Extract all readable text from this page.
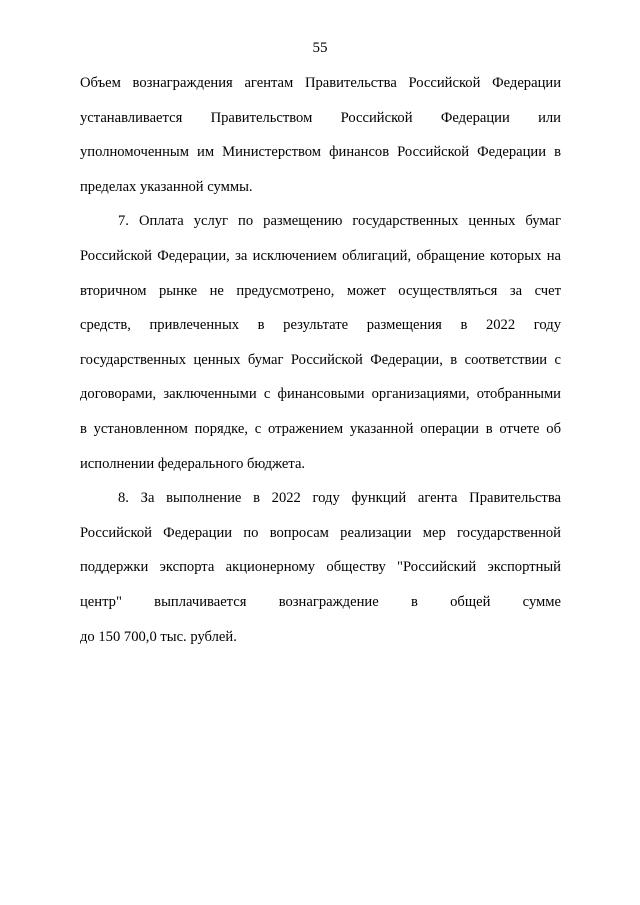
55
Объем вознаграждения агентам Правительства Российской Федерации
устанавливается Правительством Российской Федерации или
уполномоченным им Министерством финансов Российской Федерации в
пределах указанной суммы.
7. Оплата услуг по размещению государственных ценных бумаг
Российской Федерации, за исключением облигаций, обращение которых на
вторичном рынке не предусмотрено, может осуществляться за счет
средств, привлеченных в результате размещения в 2022 году
государственных ценных бумаг Российской Федерации, в соответствии с
договорами, заключенными с финансовыми организациями, отобранными
в установленном порядке, с отражением указанной операции в отчете об
исполнении федерального бюджета.
8. За выполнение в 2022 году функций агента Правительства
Российской Федерации по вопросам реализации мер государственной
поддержки экспорта акционерному обществу "Российский экспортный
центр" выплачивается вознаграждение в общей сумме
до 150 700,0 тыс. рублей.
